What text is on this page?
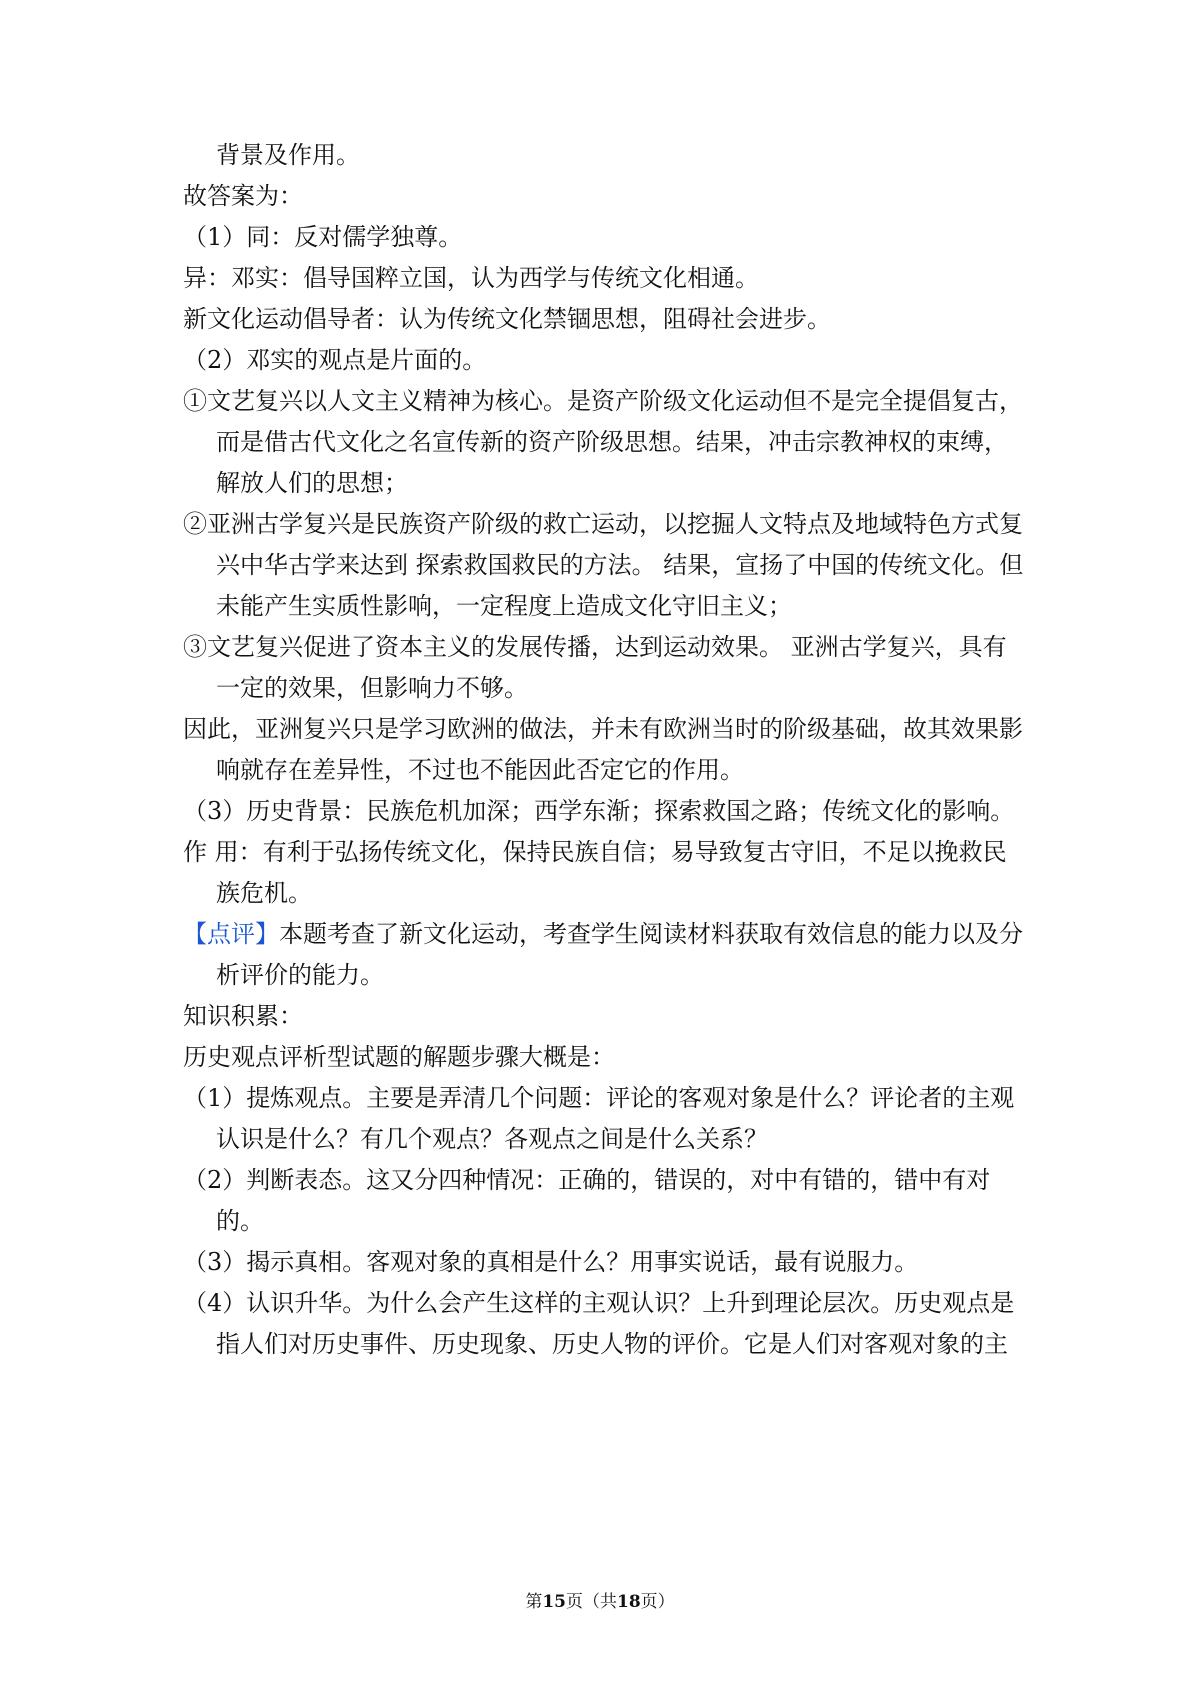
背景及作用。

故答案为：

（1）同：反对儒学独尊。

异：邓实：倡导国粹立国，认为西学与传统文化相通。

新文化运动倡导者：认为传统文化禁锢思想，阻碍社会进步。

（2）邓实的观点是片面的。

①文艺复兴以人文主义精神为核心。是资产阶级文化运动但不是完全提倡复古，而是借古代文化之名宣传新的资产阶级思想。结果，冲击宗教神权的束缚，解放人们的思想；

②亚洲古学复兴是民族资产阶级的救亡运动，以挖掘人文特点及地域特色方式复兴中华古学来达到 探索救国救民的方法。 结果，宣扬了中国的传统文化。但未能产生实质性影响，一定程度上造成文化守旧主义；

③文艺复兴促进了资本主义的发展传播，达到运动效果。 亚洲古学复兴，具有一定的效果，但影响力不够。

因此，亚洲复兴只是学习欧洲的做法，并未有欧洲当时的阶级基础，故其效果影响就存在差异性，不过也不能因此否定它的作用。

（3）历史背景：民族危机加深；西学东渐；探索救国之路；传统文化的影响。

作 用：有利于弘扬传统文化，保持民族自信；易导致复古守旧，不足以挽救民族危机。

【点评】本题考查了新文化运动，考查学生阅读材料获取有效信息的能力以及分析评价的能力。

知识积累：

历史观点评析型试题的解题步骤大概是：

（1）提炼观点。主要是弄清几个问题：评论的客观对象是什么？评论者的主观认识是什么？有几个观点？各观点之间是什么关系？

（2）判断表态。这又分四种情况：正确的，错误的，对中有错的，错中有对的。

（3）揭示真相。客观对象的真相是什么？用事实说话，最有说服力。

（4）认识升华。为什么会产生这样的主观认识？上升到理论层次。历史观点是指人们对历史事件、历史现象、历史人物的评价。它是人们对客观对象的主

第15页（共18页）
